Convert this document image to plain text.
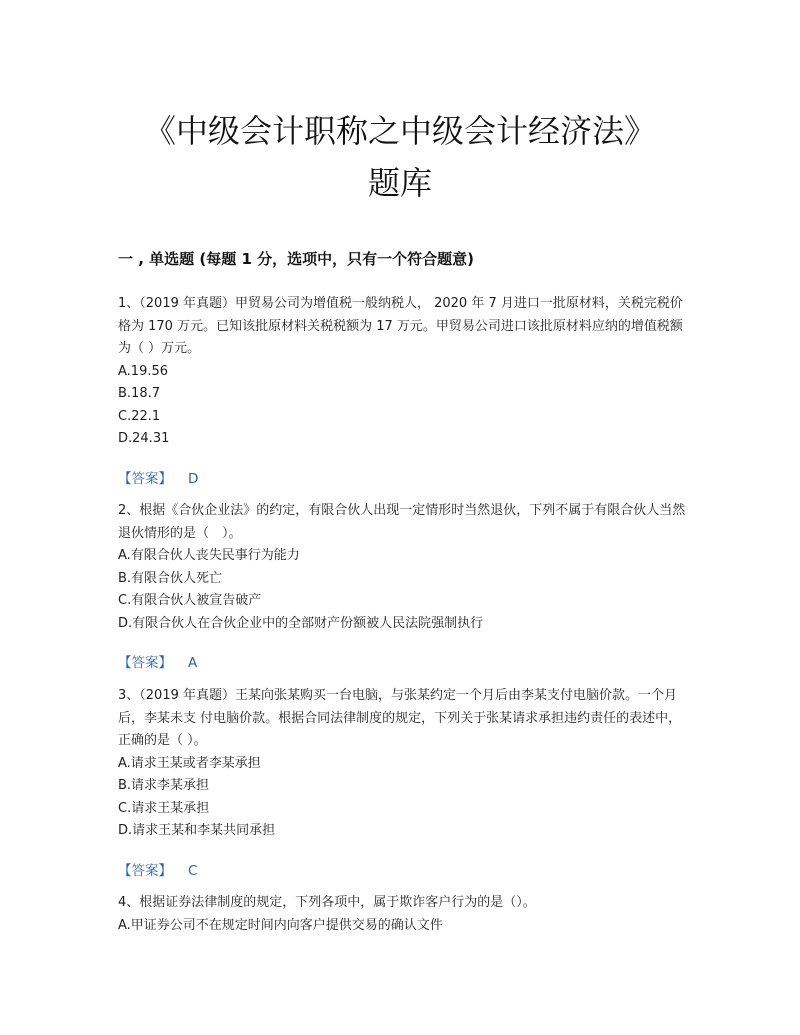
《中级会计职称之中级会计经济法》
题库
一 , 单选题 (每题 1 分，选项中，只有一个符合题意)

1、（2019 年真题）甲贸易公司为增值税一般纳税人， 2020 年 7 月进口一批原材料，关税完税价格为 170 万元。已知该批原材料关税税额为 17 万元。甲贸易公司进口该批原材料应纳的增值税额为（ ）万元。

A.19.56

B.18.7

C.22.1

D.24.31

【答案】 D

2、根据《合伙企业法》的约定，有限合伙人出现一定情形时当然退伙，下列不属于有限合伙人当然退伙情形的是（　）。

A.有限合伙人丧失民事行为能力

B.有限合伙人死亡

C.有限合伙人被宣告破产

D.有限合伙人在合伙企业中的全部财产份额被人民法院强制执行

【答案】 A

3、（2019 年真题）王某向张某购买一台电脑，与张某约定一个月后由李某支付电脑价款。一个月后，李某未支 付电脑价款。根据合同法律制度的规定，下列关于张某请求承担违约责任的表述中，正确的是（ ）。

A.请求王某或者李某承担

B.请求李某承担

C.请求王某承担

D.请求王某和李某共同承担

【答案】 C

4、根据证券法律制度的规定，下列各项中，属于欺诈客户行为的是（）。

A.甲证券公司不在规定时间内向客户提供交易的确认文件
